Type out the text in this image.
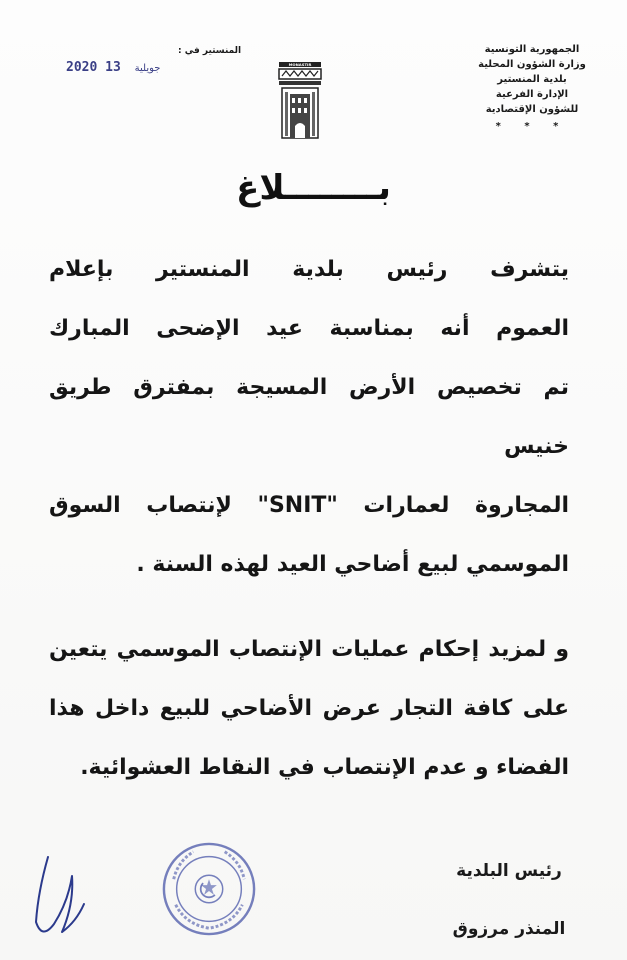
الجمهورية التونسية
وزارة الشؤون المحلية
بلدية المنستير
الإدارة الفرعية
للشؤون الإقتصادية
* * *
MONASTIR
المنستير في :
2020	جويلية 13
بــــــــلاغ

يتشرف رئيس بلدية المنستير بإعلام

العموم أنه بمناسبة عيد الإضحى المبارك

تم تخصيص الأرض المسيجة بمفترق طريق خنيس

المجاروة لعمارات "SNIT" لإنتصاب السوق

الموسمي لبيع أضاحي العيد لهذه السنة .

و لمزيد إحكام عمليات الإنتصاب الموسمي يتعين

على كافة التجار عرض الأضاحي للبيع داخل هذا

الفضاء و عدم الإنتصاب في النقاط العشوائية.

رئيس البلدية
المنذر مرزوق
